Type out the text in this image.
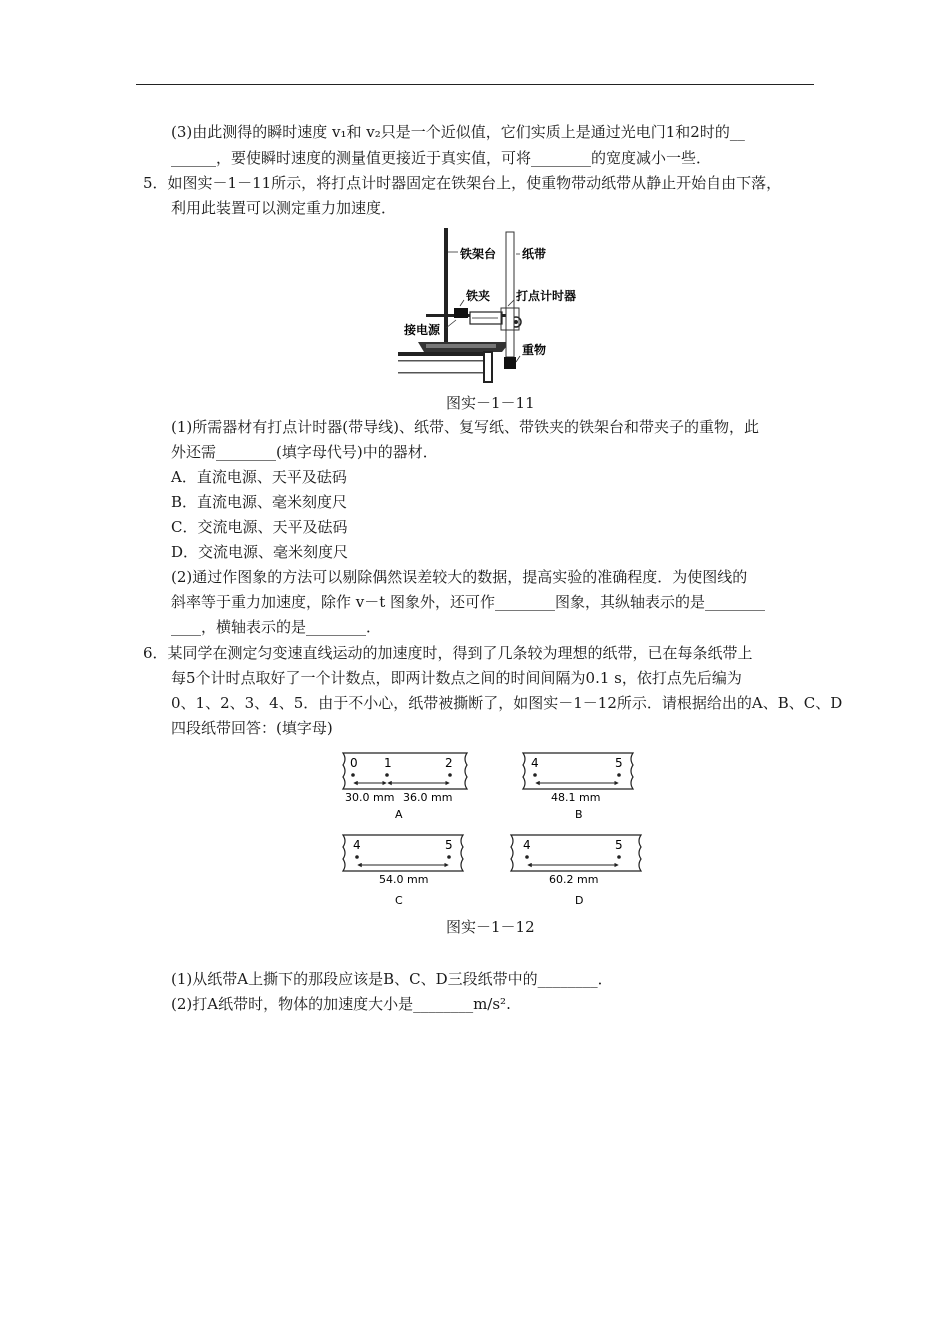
(3)由此测得的瞬时速度 v₁和 v₂只是一个近似值，它们实质上是通过光电门1和2时的__
______，要使瞬时速度的测量值更接近于真实值，可将________的宽度减小一些．
5．如图实－1－11所示，将打点计时器固定在铁架台上，使重物带动纸带从静止开始自由下落，
利用此装置可以测定重力加速度．
铁架台 纸带
铁夹 打点计时器
接电源
重物
图实－1－11
(1)所需器材有打点计时器(带导线)、纸带、复写纸、带铁夹的铁架台和带夹子的重物，此
外还需________(填字母代号)中的器材．
A．直流电源、天平及砝码
B．直流电源、毫米刻度尺
C．交流电源、天平及砝码
D．交流电源、毫米刻度尺
(2)通过作图象的方法可以剔除偶然误差较大的数据，提高实验的准确程度．为使图线的
斜率等于重力加速度，除作 v－t 图象外，还可作________图象，其纵轴表示的是________
____，横轴表示的是________．
6．某同学在测定匀变速直线运动的加速度时，得到了几条较为理想的纸带，已在每条纸带上
每5个计时点取好了一个计数点，即两计数点之间的时间间隔为0.1 s，依打点先后编为
0、1、2、3、4、5．由于不小心，纸带被撕断了，如图实－1－12所示．请根据给出的A、B、C、D
四段纸带回答：(填字母)
0 1	2
30.0 mm 36.0 mm
A
4	5
48.1 mm
B
4	5
54.0 mm
C
4	5
60.2 mm
D
图实－1－12
(1)从纸带A上撕下的那段应该是B、C、D三段纸带中的________．
(2)打A纸带时，物体的加速度大小是________m/s².
